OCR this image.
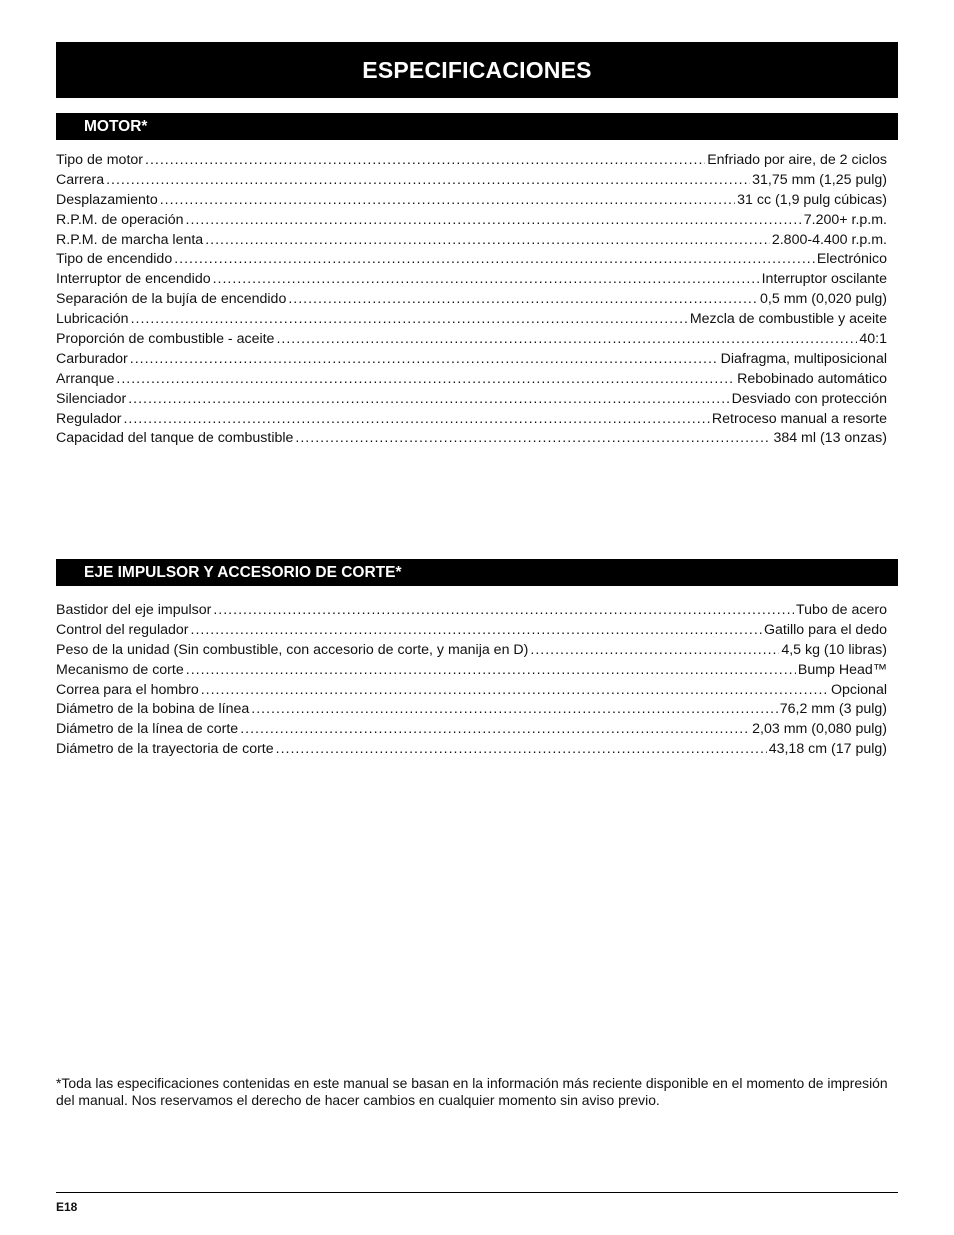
ESPECIFICACIONES
MOTOR*
Tipo de motor .....	Enfriado por aire, de 2 ciclos
Carrera .....	31,75 mm (1,25 pulg)
Desplazamiento .....	31 cc (1,9 pulg cúbicas)
R.P.M. de operación .....	7.200+ r.p.m.
R.P.M. de marcha lenta .....	2.800-4.400 r.p.m.
Tipo de encendido .....	Electrónico
Interruptor de encendido .....	Interruptor oscilante
Separación de la bujía de encendido .....	0,5 mm (0,020 pulg)
Lubricación .....	Mezcla de combustible y aceite
Proporción de combustible - aceite .....	40:1
Carburador .....	Diafragma, multiposicional
Arranque .....	Rebobinado automático
Silenciador .....	Desviado con protección
Regulador .....	Retroceso manual a resorte
Capacidad del tanque de combustible .....	384 ml (13 onzas)
EJE IMPULSOR Y ACCESORIO DE CORTE*
Bastidor del eje impulsor .....	Tubo de acero
Control del regulador .....	Gatillo para el dedo
Peso de la unidad (Sin combustible, con accesorio de corte, y manija en D) .....	4,5 kg (10 libras)
Mecanismo de corte .....	Bump Head™
Correa para el hombro .....	Opcional
Diámetro de la bobina de línea .....	76,2 mm (3 pulg)
Diámetro de la línea de corte .....	2,03 mm (0,080 pulg)
Diámetro de la trayectoria de corte .....	43,18 cm (17 pulg)
*Toda las especificaciones contenidas en este manual se basan en la información más reciente disponible en el momento de impresión del manual. Nos reservamos el derecho de hacer cambios en cualquier momento sin aviso previo.
E18
